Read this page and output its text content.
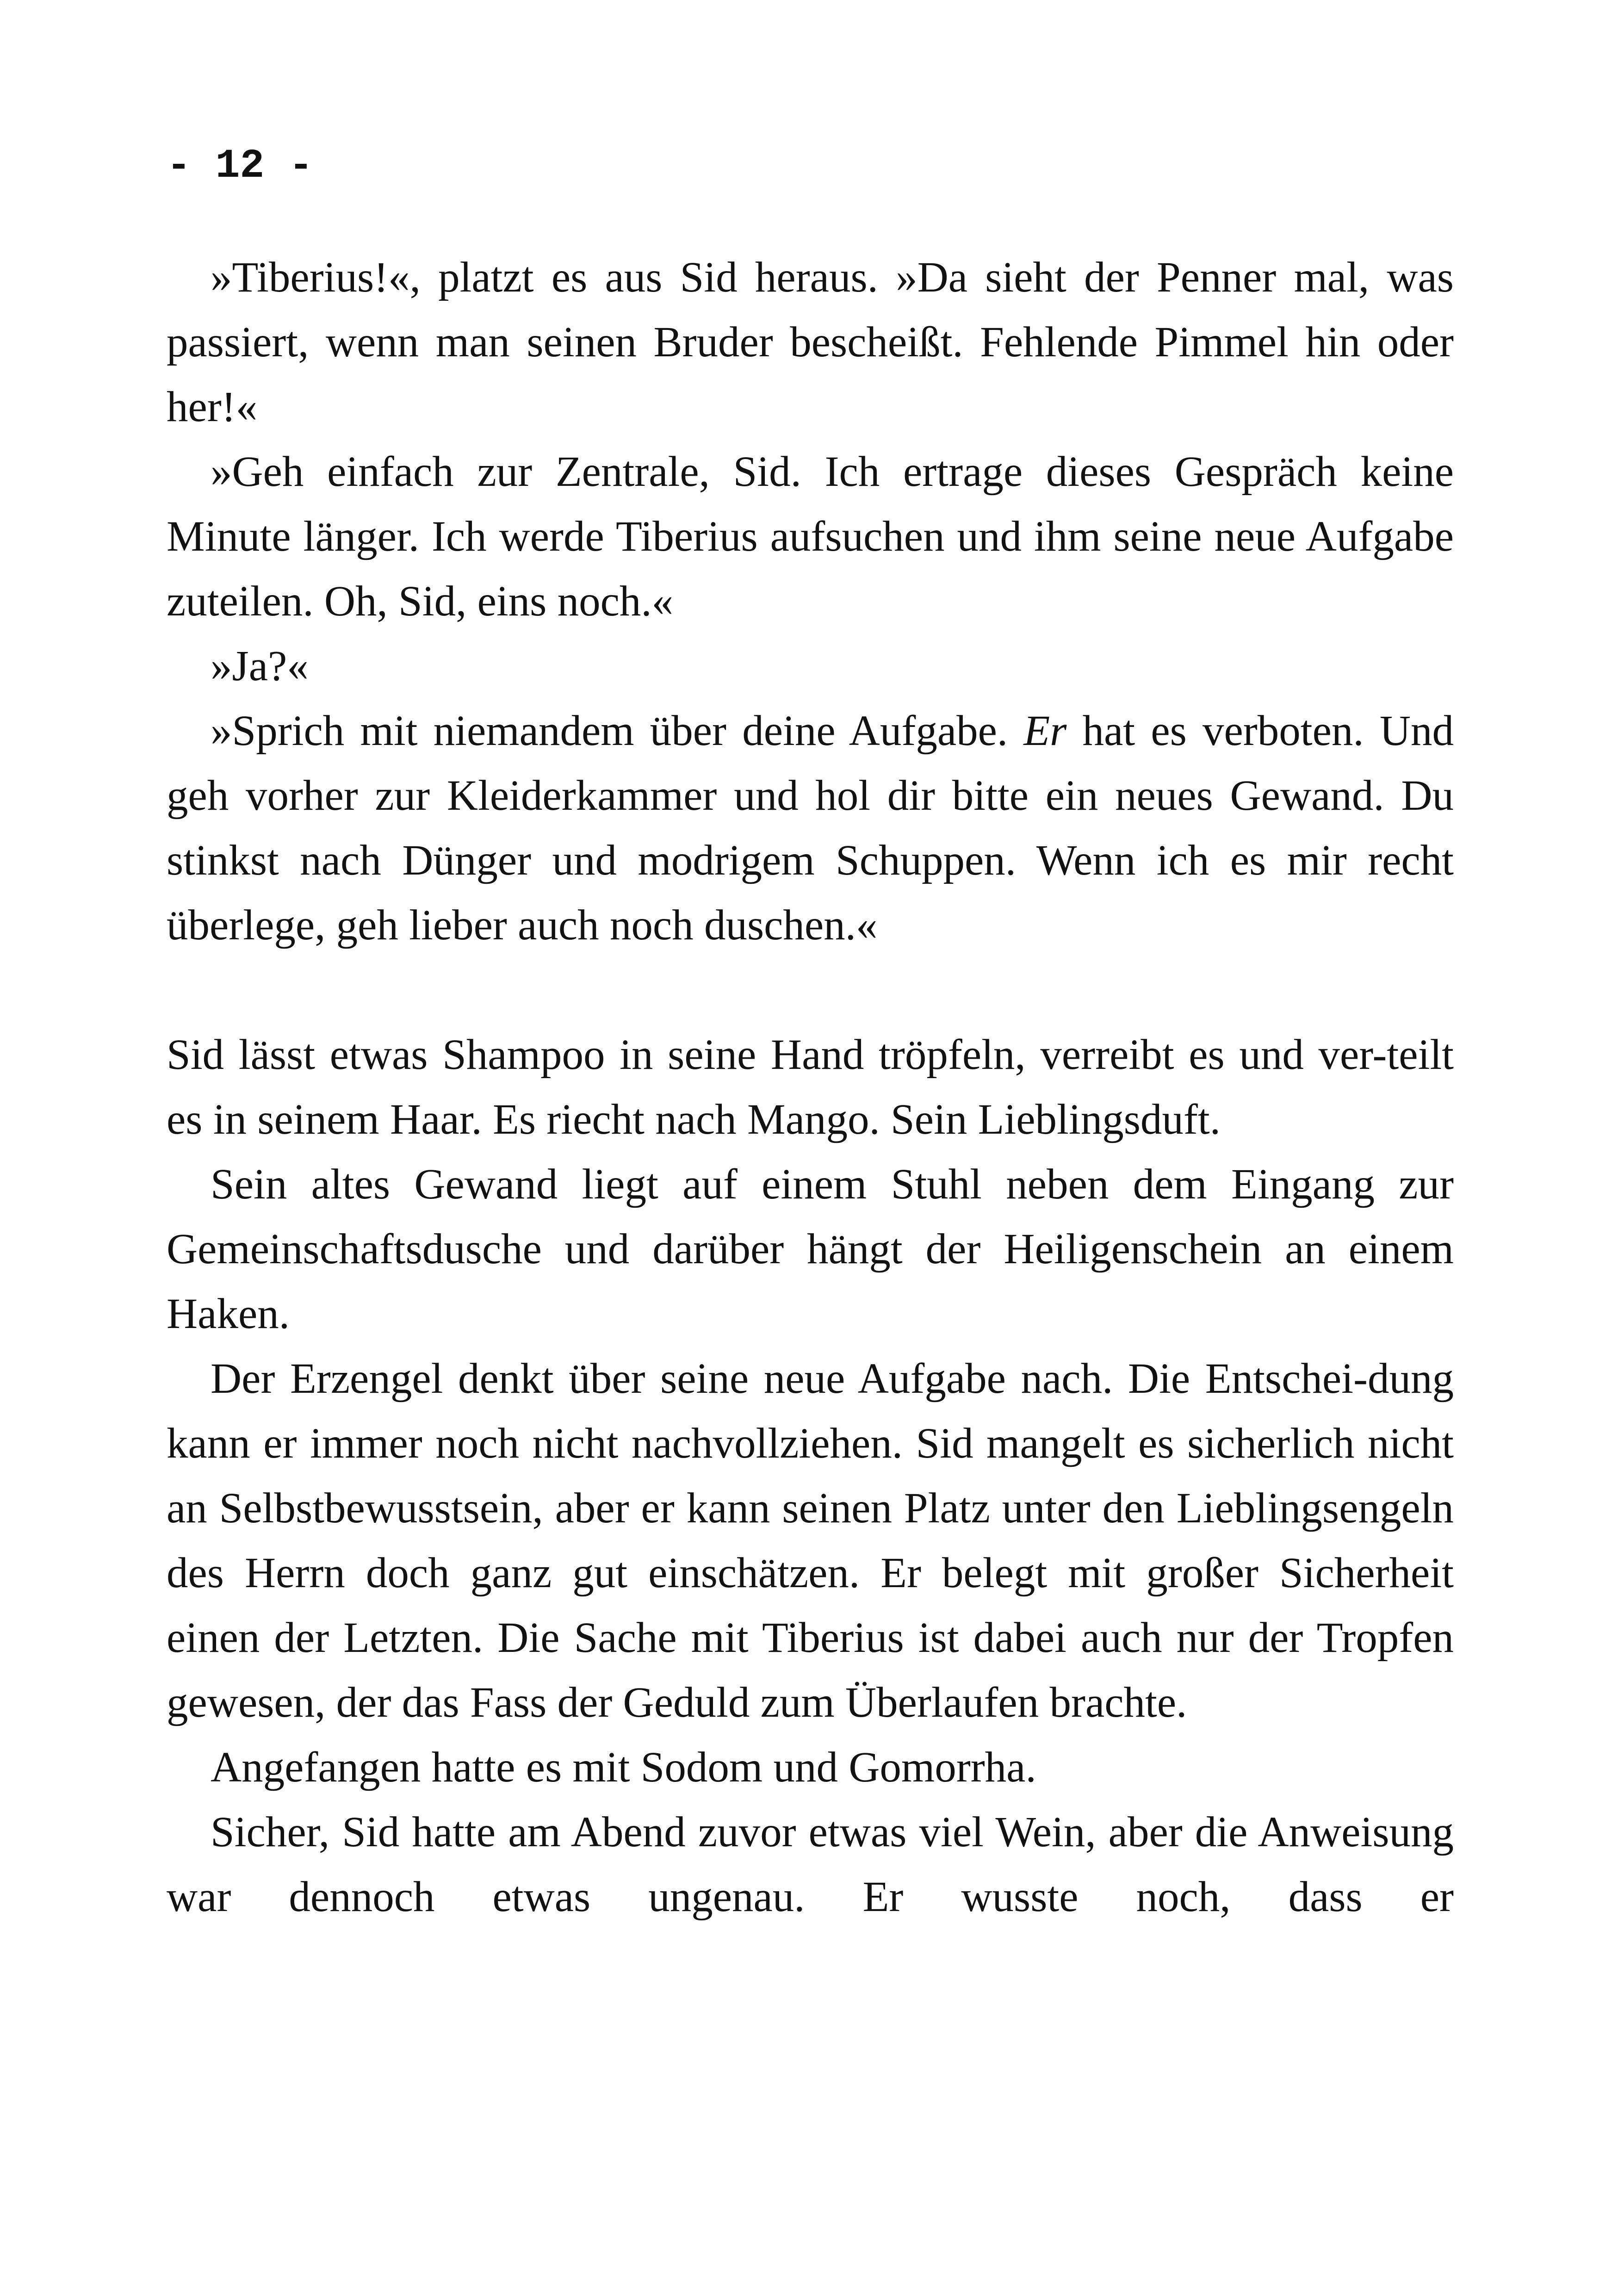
- 12 -

»Tiberius!«, platzt es aus Sid heraus. »Da sieht der Penner mal, was passiert, wenn man seinen Bruder bescheißt. Fehlende Pimmel hin oder her!«

»Geh einfach zur Zentrale, Sid. Ich ertrage dieses Gespräch keine Minute länger. Ich werde Tiberius aufsuchen und ihm seine neue Aufgabe zuteilen. Oh, Sid, eins noch.«

»Ja?«

»Sprich mit niemandem über deine Aufgabe. Er hat es verboten. Und geh vorher zur Kleiderkammer und hol dir bitte ein neues Gewand. Du stinkst nach Dünger und modrigem Schuppen. Wenn ich es mir recht überlege, geh lieber auch noch duschen.«

Sid lässt etwas Shampoo in seine Hand tröpfeln, verreibt es und ver-teilt es in seinem Haar. Es riecht nach Mango. Sein Lieblingsduft.

Sein altes Gewand liegt auf einem Stuhl neben dem Eingang zur Gemeinschaftsdusche und darüber hängt der Heiligenschein an einem Haken.

Der Erzengel denkt über seine neue Aufgabe nach. Die Entschei-dung kann er immer noch nicht nachvollziehen. Sid mangelt es sicherlich nicht an Selbstbewusstsein, aber er kann seinen Platz unter den Lieblingsengeln des Herrn doch ganz gut einschätzen. Er belegt mit großer Sicherheit einen der Letzten. Die Sache mit Tiberius ist dabei auch nur der Tropfen gewesen, der das Fass der Geduld zum Überlaufen brachte.

Angefangen hatte es mit Sodom und Gomorrha.

Sicher, Sid hatte am Abend zuvor etwas viel Wein, aber die Anweisung war dennoch etwas ungenau. Er wusste noch, dass er
